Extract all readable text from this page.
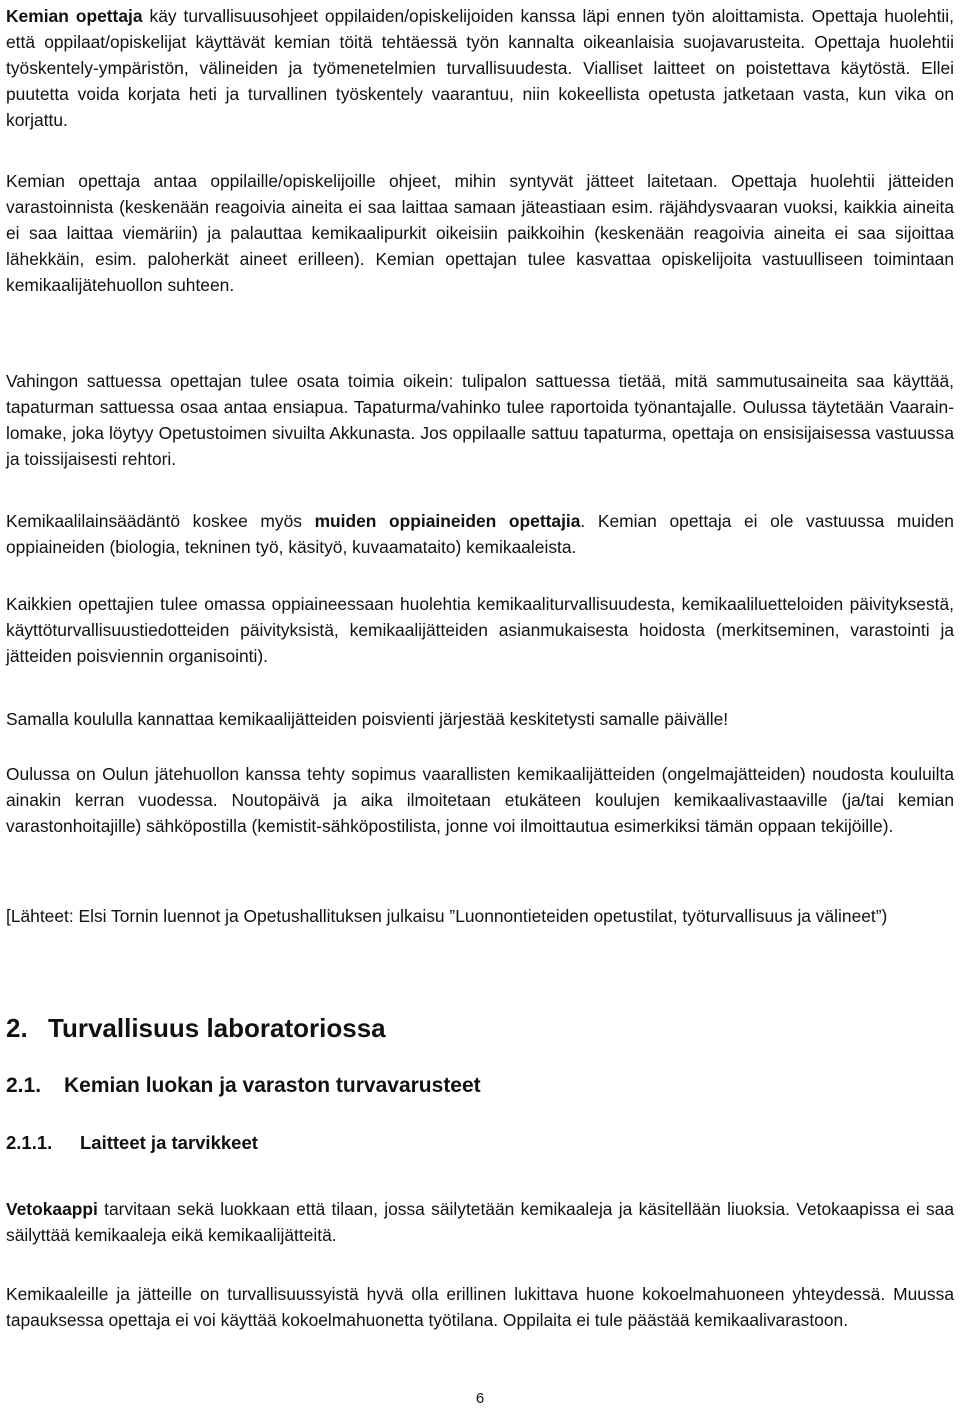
Kemian opettaja käy turvallisuusohjeet oppilaiden/opiskelijoiden kanssa läpi ennen työn aloittamista. Opettaja huolehtii, että oppilaat/opiskelijat käyttävät kemian töitä tehtäessä työn kannalta oikeanlaisia suojavarusteita. Opettaja huolehtii työskentely-ympäristön, välineiden ja työmenetelmien turvallisuudesta. Vialliset laitteet on poistettava käytöstä. Ellei puutetta voida korjata heti ja turvallinen työskentely vaarantuu, niin kokeellista opetusta jatketaan vasta, kun vika on korjattu.

Kemian opettaja antaa oppilaille/opiskelijoille ohjeet, mihin syntyvät jätteet laitetaan. Opettaja huolehtii jätteiden varastoinnista (keskenään reagoivia aineita ei saa laittaa samaan jäteastiaan esim. räjähdysvaaran vuoksi, kaikkia aineita ei saa laittaa viemäriin) ja palauttaa kemikaalipurkit oikeisiin paikkoihin (keskenään reagoivia aineita ei saa sijoittaa lähekkäin, esim. paloherkät aineet erilleen). Kemian opettajan tulee kasvattaa opiskelijoita vastuulliseen toimintaan kemikaalijätehuollon suhteen.

Vahingon sattuessa opettajan tulee osata toimia oikein: tulipalon sattuessa tietää, mitä sammutusaineita saa käyttää, tapaturman sattuessa osaa antaa ensiapua. Tapaturma/vahinko tulee raportoida työnantajalle. Oulussa täytetään Vaarain-lomake, joka löytyy Opetustoimen sivuilta Akkunasta. Jos oppilaalle sattuu tapaturma, opettaja on ensisijaisessa vastuussa ja toissijaisesti rehtori.

Kemikaalilainsäädäntö koskee myös muiden oppiaineiden opettajia. Kemian opettaja ei ole vastuussa muiden oppiaineiden (biologia, tekninen työ, käsityö, kuvaamataito) kemikaaleista.

Kaikkien opettajien tulee omassa oppiaineessaan huolehtia kemikaaliturvallisuudesta, kemikaaliluetteloiden päivityksestä, käyttöturvallisuustiedotteiden päivityksistä, kemikaalijätteiden asianmukaisesta hoidosta (merkitseminen, varastointi ja jätteiden poisviennin organisointi).

Samalla koululla kannattaa kemikaalijätteiden poisvienti järjestää keskitetysti samalle päivälle!

Oulussa on Oulun jätehuollon kanssa tehty sopimus vaarallisten kemikaalijätteiden (ongelmajätteiden) noudosta kouluilta ainakin kerran vuodessa. Noutopäivä ja aika ilmoitetaan etukäteen koulujen kemikaalivastaaville (ja/tai kemian varastonhoitajille) sähköpostilla (kemistit-sähköpostilista, jonne voi ilmoittautua esimerkiksi tämän oppaan tekijöille).

[Lähteet: Elsi Tornin luennot ja Opetushallituksen julkaisu ”Luonnontieteiden opetustilat, työturvallisuus ja välineet”)

2. Turvallisuus laboratoriossa
2.1. Kemian luokan ja varaston turvavarusteet
2.1.1. Laitteet ja tarvikkeet

Vetokaappi tarvitaan sekä luokkaan että tilaan, jossa säilytetään kemikaaleja ja käsitellään liuoksia. Vetokaapissa ei saa säilyttää kemikaaleja eikä kemikaalijätteitä.

Kemikaaleille ja jätteille on turvallisuussyistä hyvä olla erillinen lukittava huone kokoelmahuoneen yhteydessä. Muussa tapauksessa opettaja ei voi käyttää kokoelmahuonetta työtilana. Oppilaita ei tule päästää kemikaalivarastoon.

6
